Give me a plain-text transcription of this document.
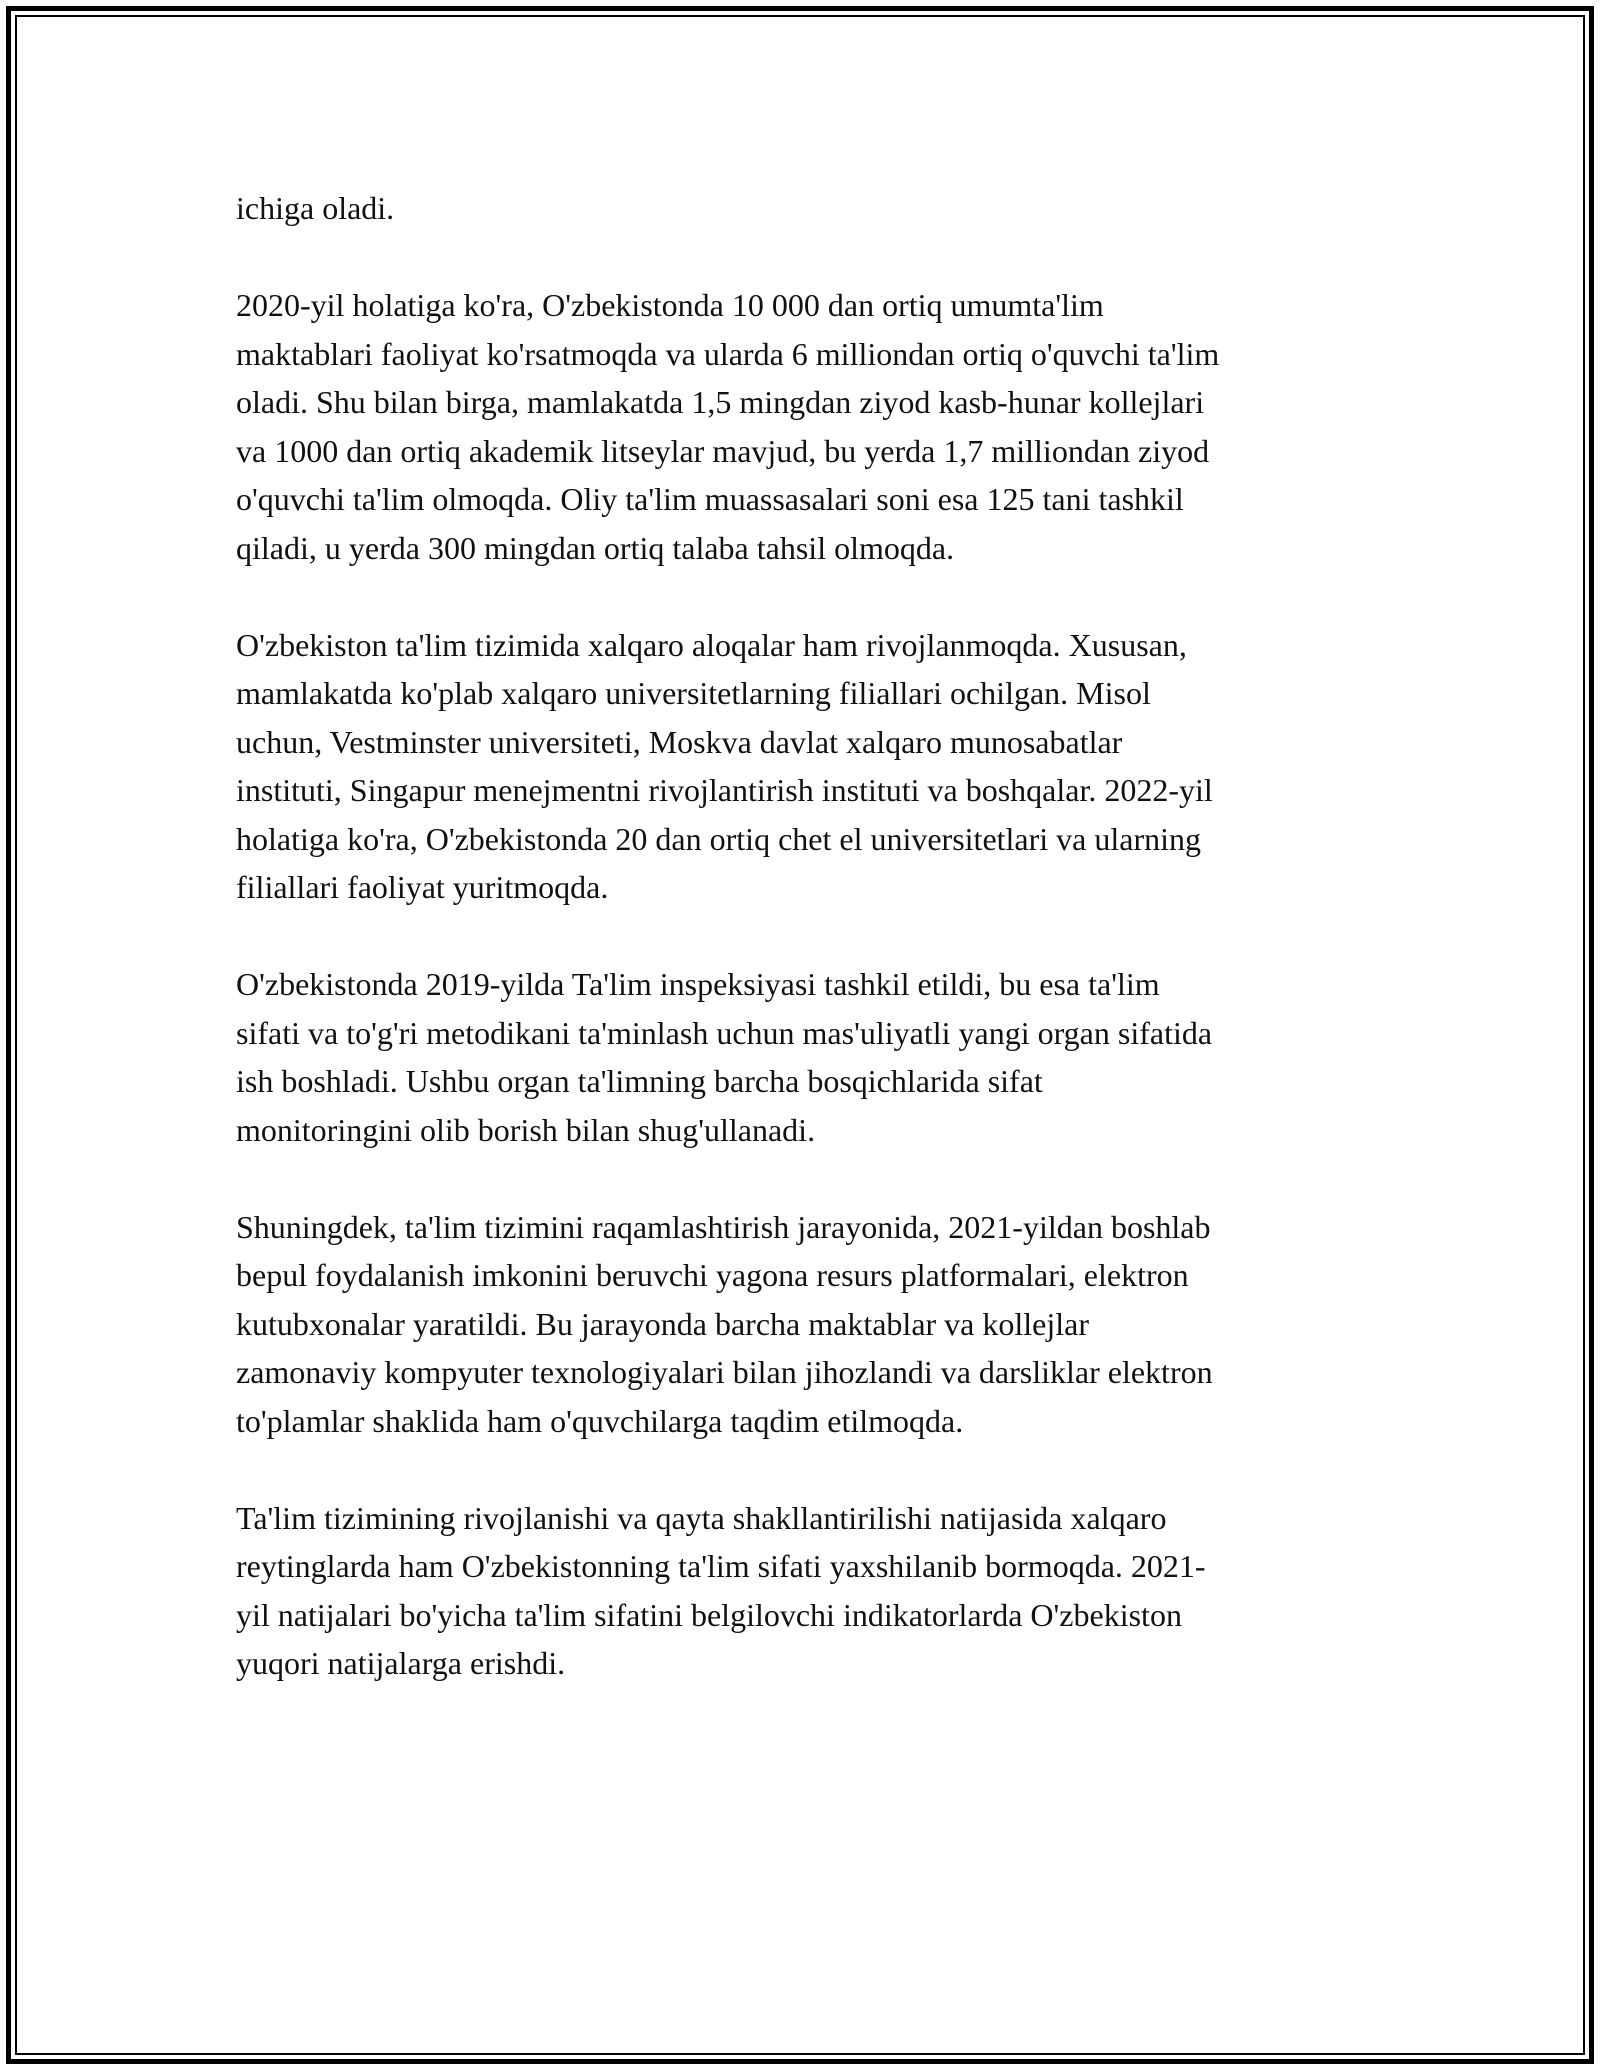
ichiga oladi.

2020-yil holatiga ko'ra, O'zbekistonda 10 000 dan ortiq umumta'lim
maktablari faoliyat ko'rsatmoqda va ularda 6 milliondan ortiq o'quvchi ta'lim
oladi. Shu bilan birga, mamlakatda 1,5 mingdan ziyod kasb-hunar kollejlari
va 1000 dan ortiq akademik litseylar mavjud, bu yerda 1,7 milliondan ziyod
o'quvchi ta'lim olmoqda. Oliy ta'lim muassasalari soni esa 125 tani tashkil
qiladi, u yerda 300 mingdan ortiq talaba tahsil olmoqda.

O'zbekiston ta'lim tizimida xalqaro aloqalar ham rivojlanmoqda. Xususan,
mamlakatda ko'plab xalqaro universitetlarning filiallari ochilgan. Misol
uchun, Vestminster universiteti, Moskva davlat xalqaro munosabatlar
instituti, Singapur menejmentni rivojlantirish instituti va boshqalar. 2022-yil
holatiga ko'ra, O'zbekistonda 20 dan ortiq chet el universitetlari va ularning
filiallari faoliyat yuritmoqda.

O'zbekistonda 2019-yilda Ta'lim inspeksiyasi tashkil etildi, bu esa ta'lim
sifati va to'g'ri metodikani ta'minlash uchun mas'uliyatli yangi organ sifatida
ish boshladi. Ushbu organ ta'limning barcha bosqichlarida sifat
monitoringini olib borish bilan shug'ullanadi.

Shuningdek, ta'lim tizimini raqamlashtirish jarayonida, 2021-yildan boshlab
bepul foydalanish imkonini beruvchi yagona resurs platformalari, elektron
kutubxonalar yaratildi. Bu jarayonda barcha maktablar va kollejlar
zamonaviy kompyuter texnologiyalari bilan jihozlandi va darsliklar elektron
to'plamlar shaklida ham o'quvchilarga taqdim etilmoqda.

Ta'lim tizimining rivojlanishi va qayta shakllantirilishi natijasida xalqaro
reytinglarda ham O'zbekistonning ta'lim sifati yaxshilanib bormoqda. 2021-
yil natijalari bo'yicha ta'lim sifatini belgilovchi indikatorlarda O'zbekiston
yuqori natijalarga erishdi.
